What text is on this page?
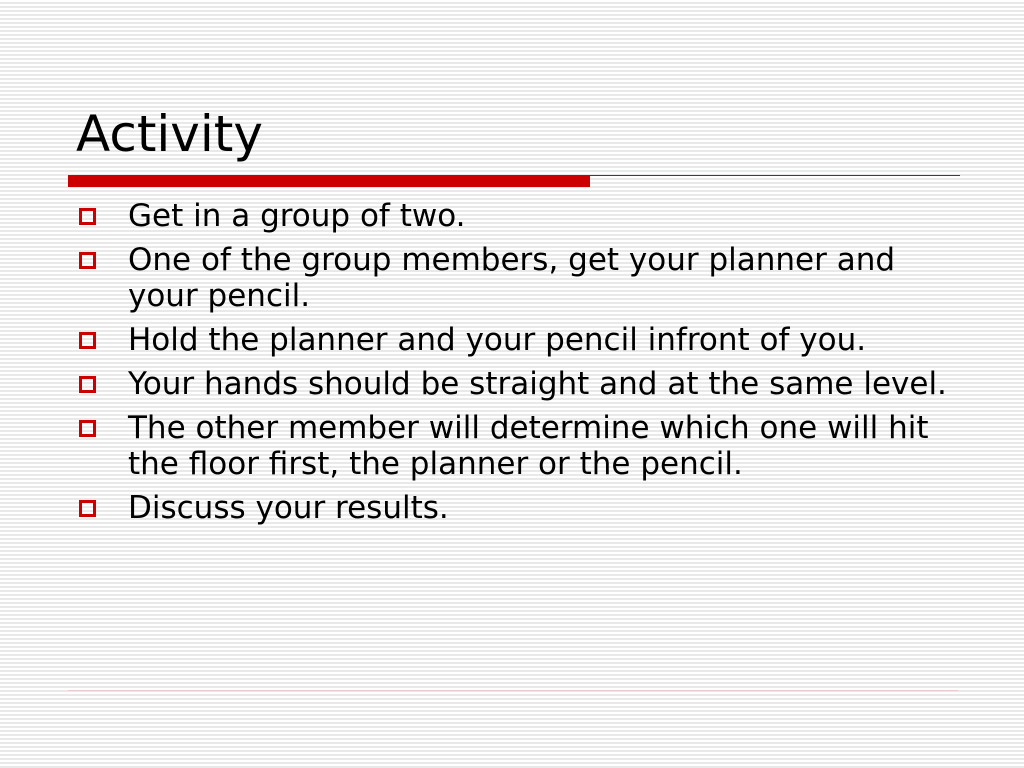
Activity
Get in a group of two.
One of the group members, get your planner and your pencil.
Hold the planner and your pencil infront of you.
Your hands should be straight and at the same level.
The other member will determine which one will hit the floor first, the planner or the pencil.
Discuss your results.
